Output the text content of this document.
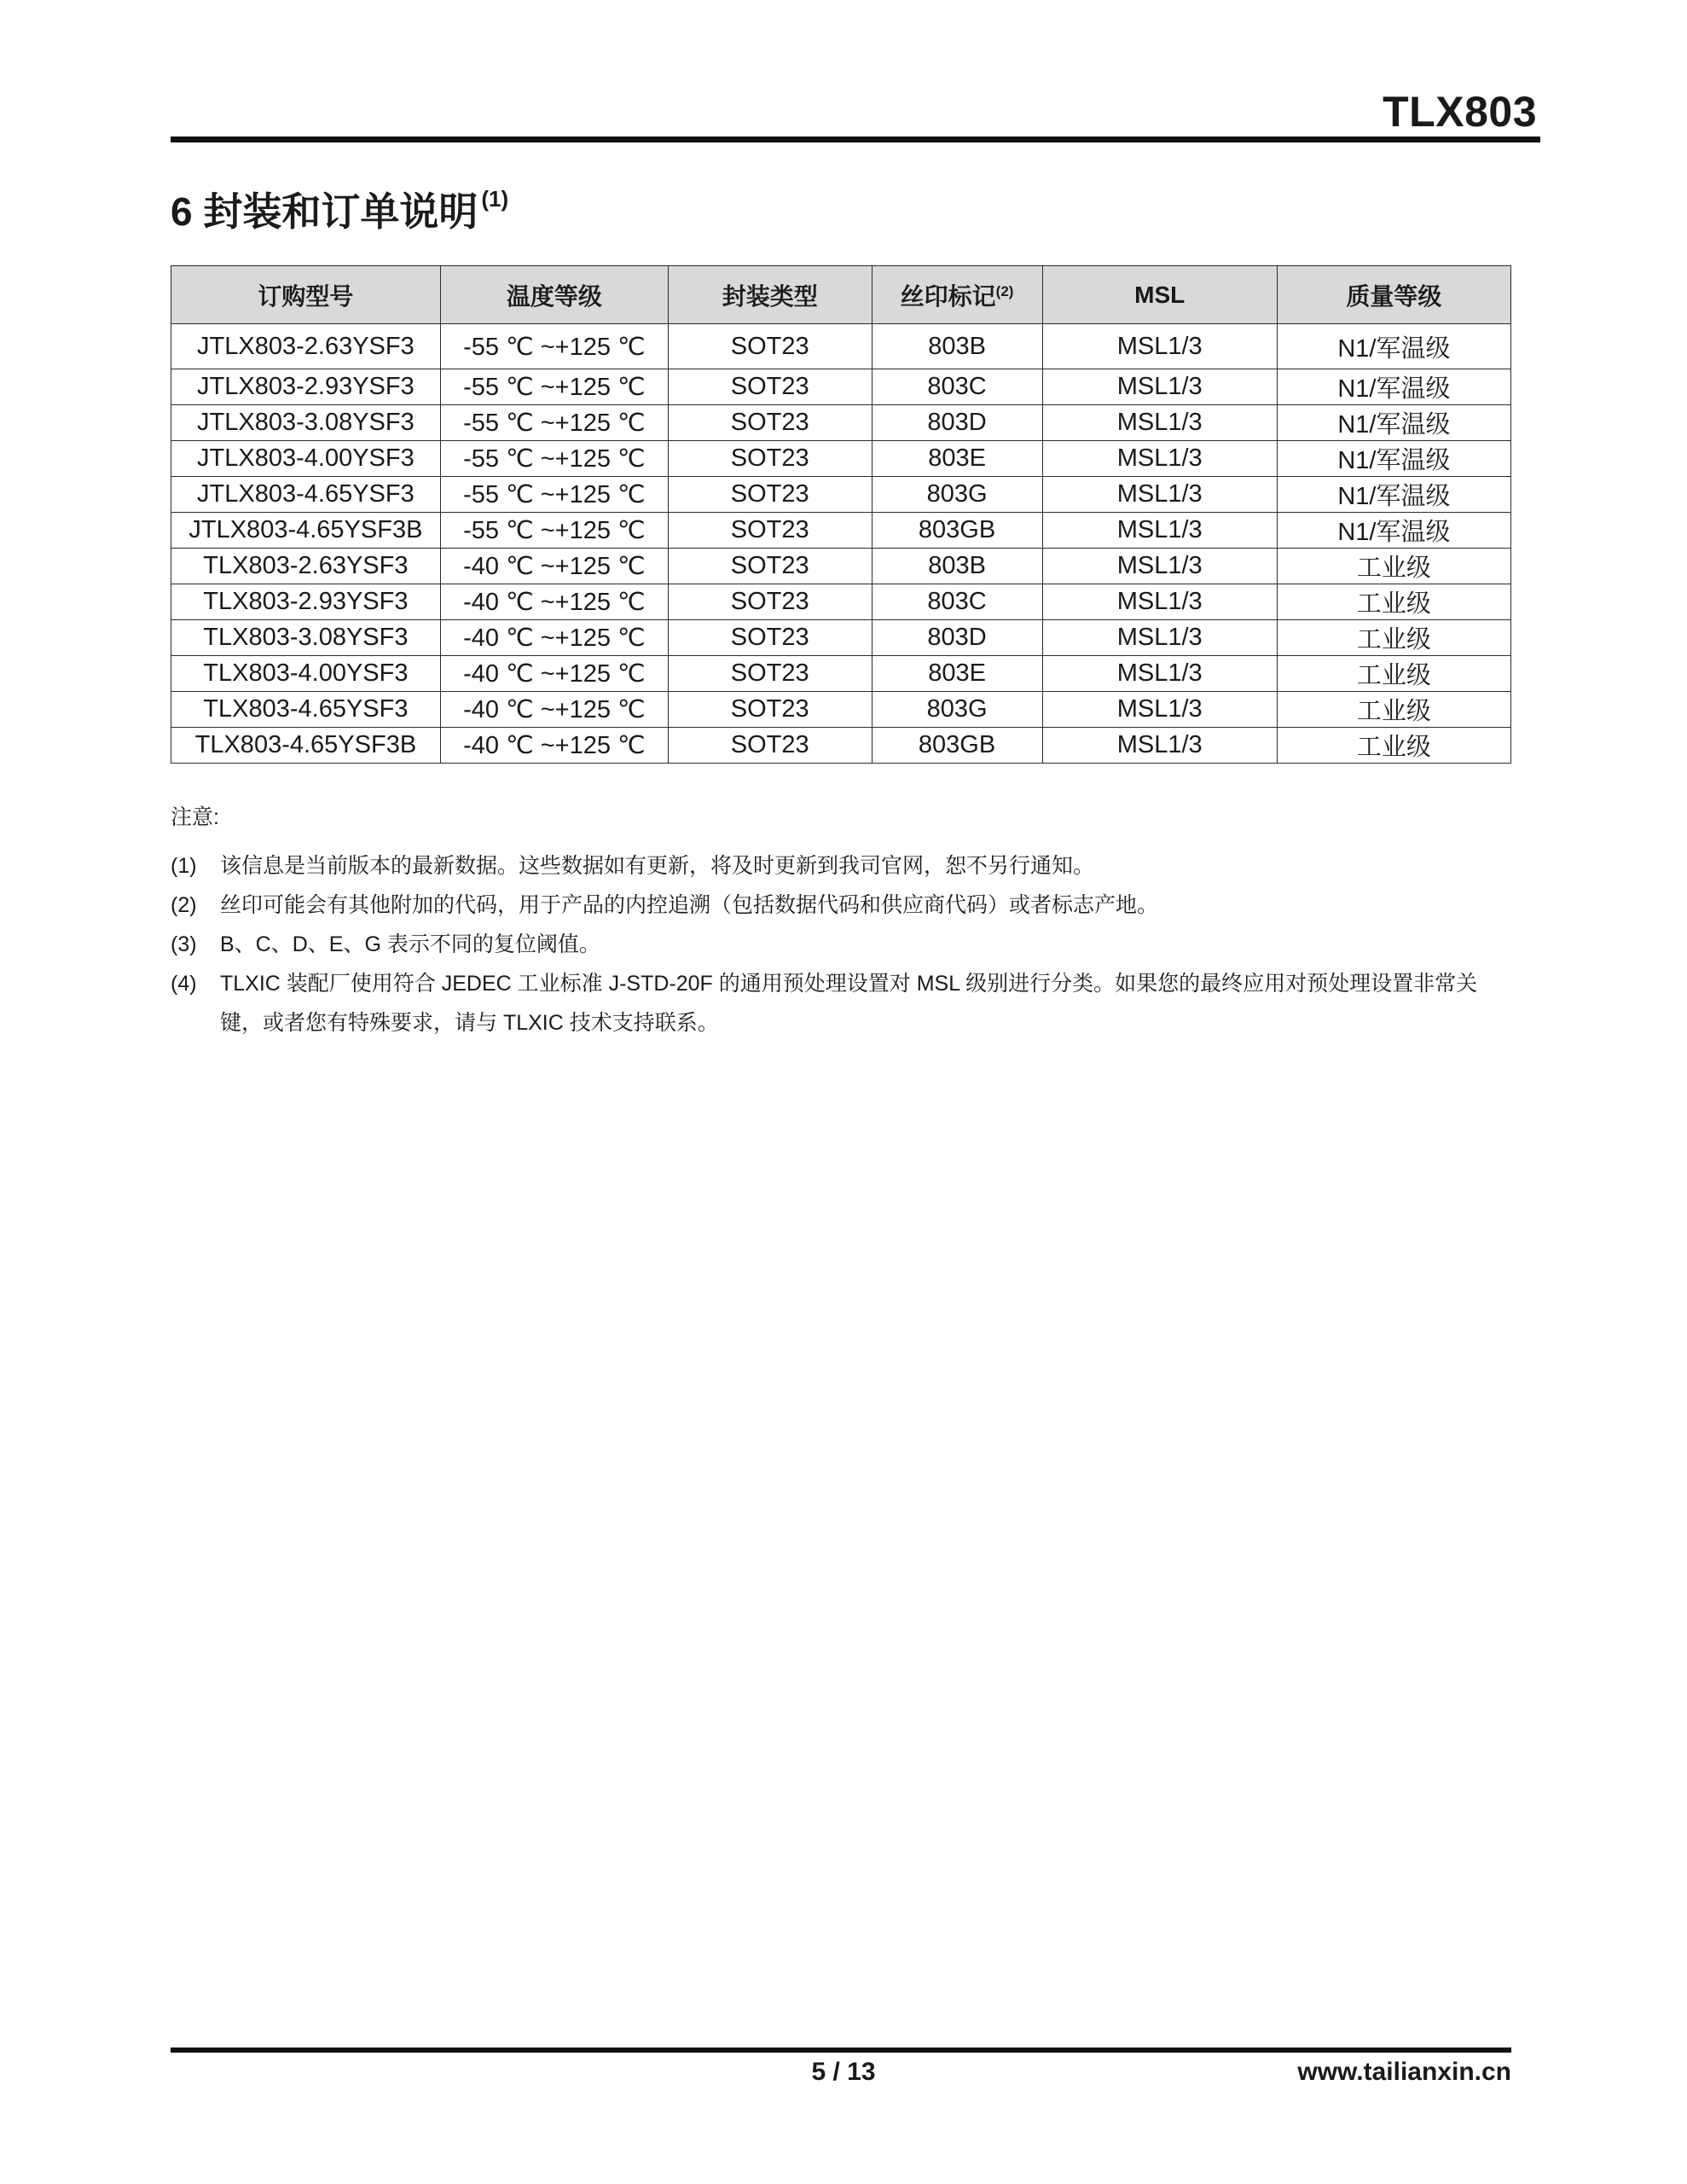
TLX803
6 封装和订单说明 $^{(1)}$
订购型号	温度等级	封装类型	丝印标记$^{(2)}$	MSL	质量等级
JTLX803-2.63YSF3	-55 ℃ ~+125 ℃	SOT23	803B	MSL1/3	N1/军温级
JTLX803-2.93YSF3	-55 ℃ ~+125 ℃	SOT23	803C	MSL1/3	N1/军温级
JTLX803-3.08YSF3	-55 ℃ ~+125 ℃	SOT23	803D	MSL1/3	N1/军温级
JTLX803-4.00YSF3	-55 ℃ ~+125 ℃	SOT23	803E	MSL1/3	N1/军温级
JTLX803-4.65YSF3	-55 ℃ ~+125 ℃	SOT23	803G	MSL1/3	N1/军温级
JTLX803-4.65YSF3B	-55 ℃ ~+125 ℃	SOT23	803GB	MSL1/3	N1/军温级
TLX803-2.63YSF3	-40 ℃ ~+125 ℃	SOT23	803B	MSL1/3	工业级
TLX803-2.93YSF3	-40 ℃ ~+125 ℃	SOT23	803C	MSL1/3	工业级
TLX803-3.08YSF3	-40 ℃ ~+125 ℃	SOT23	803D	MSL1/3	工业级
TLX803-4.00YSF3	-40 ℃ ~+125 ℃	SOT23	803E	MSL1/3	工业级
TLX803-4.65YSF3	-40 ℃ ~+125 ℃	SOT23	803G	MSL1/3	工业级
TLX803-4.65YSF3B	-40 ℃ ~+125 ℃	SOT23	803GB	MSL1/3	工业级
注意:
(1)	该信息是当前版本的最新数据。这些数据如有更新，将及时更新到我司官网，恕不另行通知。
(2)	丝印可能会有其他附加的代码，用于产品的内控追溯（包括数据代码和供应商代码）或者标志产地。
(3)	B、C、D、E、G 表示不同的复位阈值。
(4)	TLXIC 装配厂使用符合 JEDEC 工业标准 J-STD-20F 的通用预处理设置对 MSL 级别进行分类。如果您的最终应用对预处理设置非常关键，或者您有特殊要求，请与 TLXIC 技术支持联系。
5 / 13	www.tailianxin.cn
